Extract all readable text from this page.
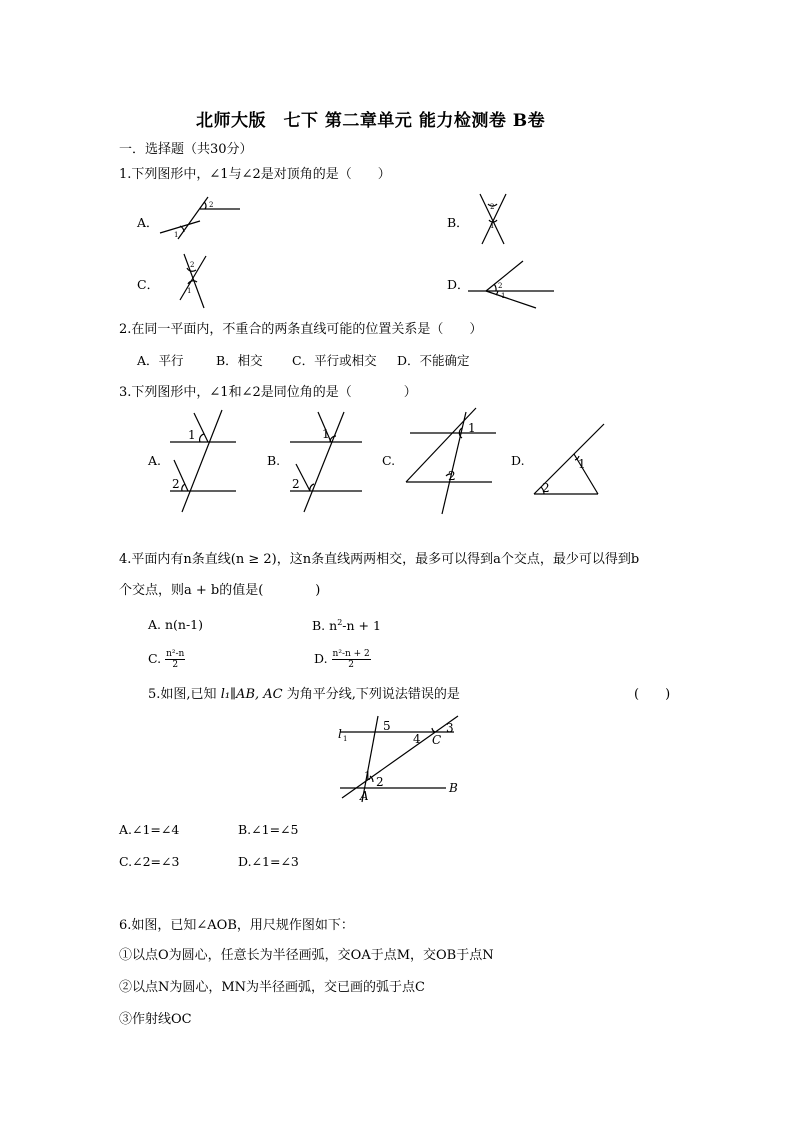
北师大版　七下 第二章单元 能力检测卷 B卷
一．选择题（共30分）
1.下列图形中，∠1与∠2是对顶角的是（　　）
A．	B．
C．	D．
1
2	2
1
2
1
2
1
2.在同一平面内，不重合的两条直线可能的位置关系是（　　）
A．平行	B．相交 C．平行或相交 D．不能确定
3.下列图形中，∠1和∠2是同位角的是（　　　　）
A.	B.	C.	D.
1
2
1
2
1
2
1
2
4.平面内有n条直线(n ≥ 2)，这n条直线两两相交，最多可以得到a个交点，最少可以得到b
个交点，则a + b的值是(　　　　)
A. n(n-1)	B. $n^2-n + 1$
C. $\frac{\text{n²-n}}{2}$	D. $\frac{\text{n²-n + 2}}{2}$
5.如图,已知 l₁∥AB, AC 为角平分线,下列说法错误的是	(　　)
l 1
5
4
3
C
1 2
A
B
A.∠1=∠4	B.∠1=∠5
C.∠2=∠3	D.∠1=∠3
6.如图，已知∠AOB，用尺规作图如下：
①以点O为圆心，任意长为半径画弧，交OA于点M，交OB于点N
②以点N为圆心，MN为半径画弧，交已画的弧于点C
③作射线OC
